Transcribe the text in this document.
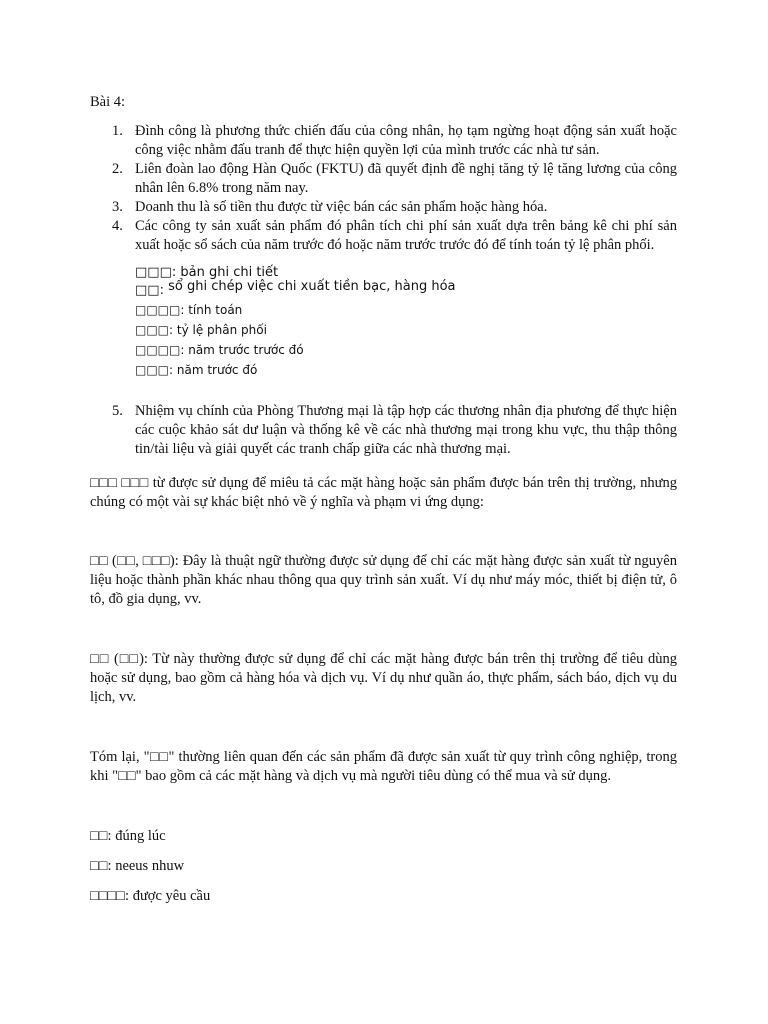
Bài 4:
1. Đình công là phương thức chiến đấu của công nhân, họ tạm ngừng hoạt động sản xuất hoặc công việc nhằm đấu tranh để thực hiện quyền lợi của mình trước các nhà tư sản.
2. Liên đoàn lao động Hàn Quốc (FKTU) đã quyết định đề nghị tăng tỷ lệ tăng lương của công nhân lên 6.8% trong năm nay.
3. Doanh thu là số tiền thu được từ việc bán các sản phẩm hoặc hàng hóa.
4. Các công ty sản xuất sản phẩm đó phân tích chi phí sản xuất dựa trên bảng kê chi phí sản xuất hoặc sổ sách của năm trước đó hoặc năm trước trước đó để tính toán tỷ lệ phân phối.
□□□: bản ghi chi tiết
□□: sổ ghi chép việc chi xuất tiền bạc, hàng hóa
□□□□: tính toán
□□□: tỷ lệ phân phối
□□□□: năm trước trước đó
□□□: năm trước đó
5. Nhiệm vụ chính của Phòng Thương mại là tập hợp các thương nhân địa phương để thực hiện các cuộc khảo sát dư luận và thống kê về các nhà thương mại trong khu vực, thu thập thông tin/tài liệu và giải quyết các tranh chấp giữa các nhà thương mại.
□□□ □□□ từ được sử dụng để miêu tả các mặt hàng hoặc sản phẩm được bán trên thị trường, nhưng chúng có một vài sự khác biệt nhỏ về ý nghĩa và phạm vi ứng dụng:
□□ (□□, □□□): Đây là thuật ngữ thường được sử dụng để chỉ các mặt hàng được sản xuất từ nguyên liệu hoặc thành phần khác nhau thông qua quy trình sản xuất. Ví dụ như máy móc, thiết bị điện tử, ô tô, đồ gia dụng, vv.
□□ (□□): Từ này thường được sử dụng để chỉ các mặt hàng được bán trên thị trường để tiêu dùng hoặc sử dụng, bao gồm cả hàng hóa và dịch vụ. Ví dụ như quần áo, thực phẩm, sách báo, dịch vụ du lịch, vv.
Tóm lại, "□□" thường liên quan đến các sản phẩm đã được sản xuất từ quy trình công nghiệp, trong khi "□□" bao gồm cả các mặt hàng và dịch vụ mà người tiêu dùng có thể mua và sử dụng.
□□: đúng lúc
□□: neeus nhuw
□□□□: được yêu cầu
